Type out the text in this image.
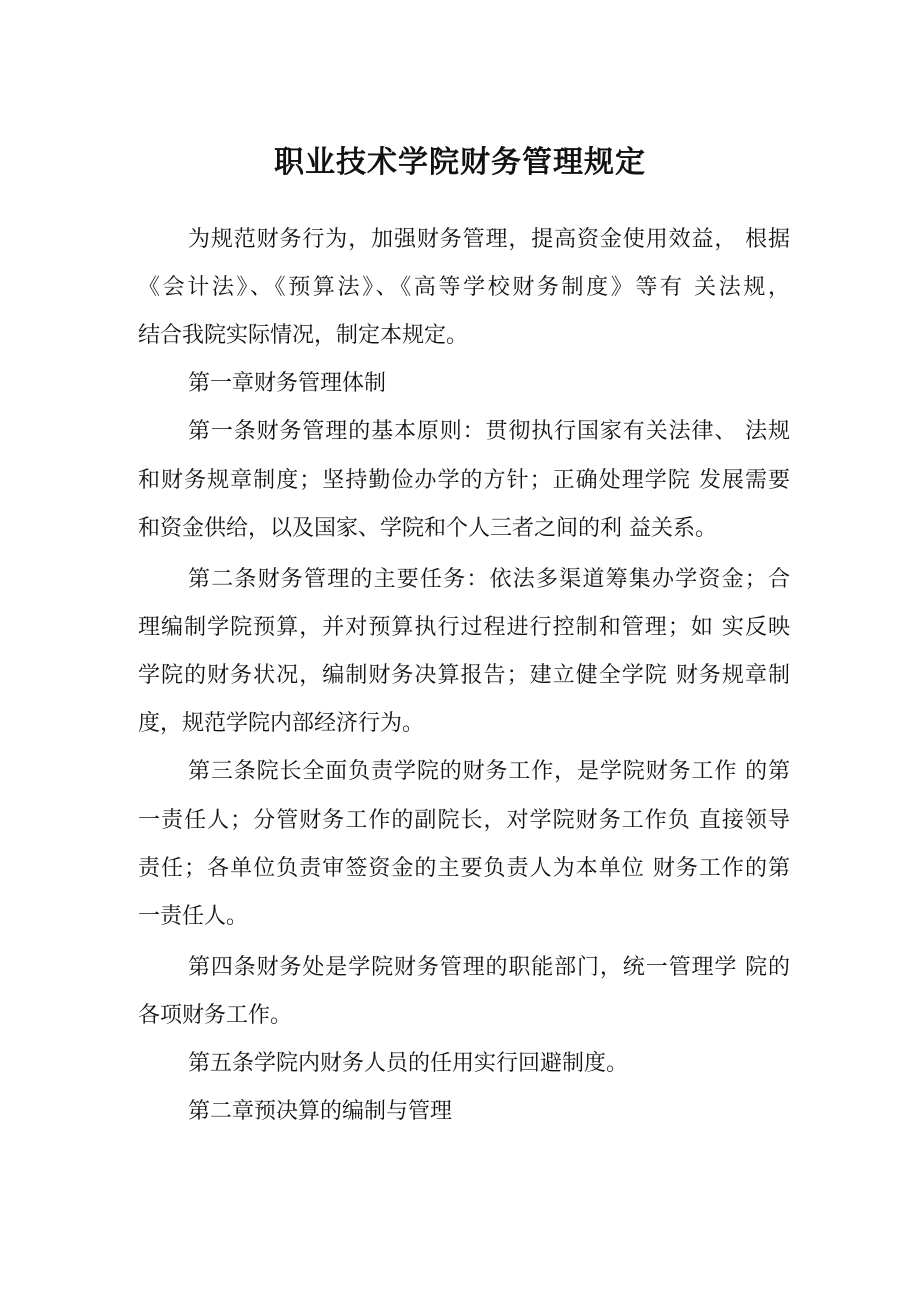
职业技术学院财务管理规定

为规范财务行为，加强财务管理，提高资金使用效益， 根据

《会计法》、《预算法》、《高等学校财务制度》等有 关法规，

结合我院实际情况，制定本规定。

第一章财务管理体制

第一条财务管理的基本原则：贯彻执行国家有关法律、 法规

和财务规章制度；坚持勤俭办学的方针；正确处理学院 发展需要

和资金供给，以及国家、学院和个人三者之间的利 益关系。

第二条财务管理的主要任务：依法多渠道筹集办学资金；合

理编制学院预算，并对预算执行过程进行控制和管理；如 实反映

学院的财务状况，编制财务决算报告；建立健全学院 财务规章制

度，规范学院内部经济行为。

第三条院长全面负责学院的财务工作，是学院财务工作 的第

一责任人；分管财务工作的副院长，对学院财务工作负 直接领导

责任；各单位负责审签资金的主要负责人为本单位 财务工作的第

一责任人。

第四条财务处是学院财务管理的职能部门，统一管理学 院的

各项财务工作。

第五条学院内财务人员的任用实行回避制度。

第二章预决算的编制与管理
